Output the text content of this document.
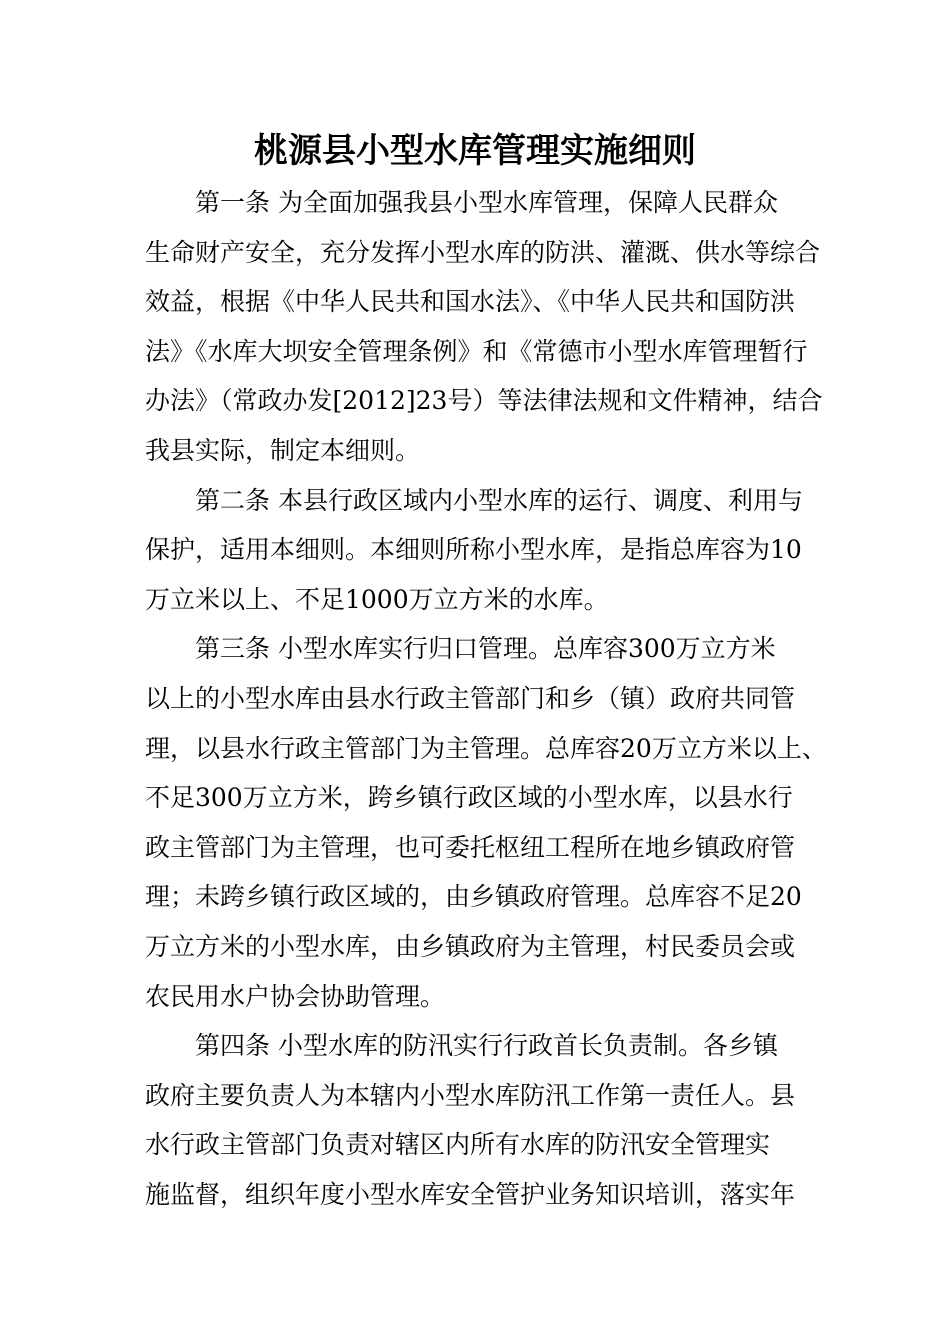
桃源县小型水库管理实施细则

第一条 为全面加强我县小型水库管理，保障人民群众

生命财产安全，充分发挥小型水库的防洪、灌溉、供水等综合

效益，根据《中华人民共和国水法》、《中华人民共和国防洪

法》《水库大坝安全管理条例》和《常德市小型水库管理暂行

办法》（常政办发[2012]23号）等法律法规和文件精神，结合

我县实际，制定本细则。

第二条 本县行政区域内小型水库的运行、调度、利用与

保护，适用本细则。本细则所称小型水库，是指总库容为10

万立米以上、不足1000万立方米的水库。

第三条 小型水库实行归口管理。总库容300万立方米

以上的小型水库由县水行政主管部门和乡（镇）政府共同管

理，以县水行政主管部门为主管理。总库容20万立方米以上、

不足300万立方米，跨乡镇行政区域的小型水库，以县水行

政主管部门为主管理，也可委托枢纽工程所在地乡镇政府管

理；未跨乡镇行政区域的，由乡镇政府管理。总库容不足20

万立方米的小型水库，由乡镇政府为主管理，村民委员会或

农民用水户协会协助管理。

第四条 小型水库的防汛实行行政首长负责制。各乡镇

政府主要负责人为本辖内小型水库防汛工作第一责任人。县

水行政主管部门负责对辖区内所有水库的防汛安全管理实

施监督，组织年度小型水库安全管护业务知识培训，落实年
